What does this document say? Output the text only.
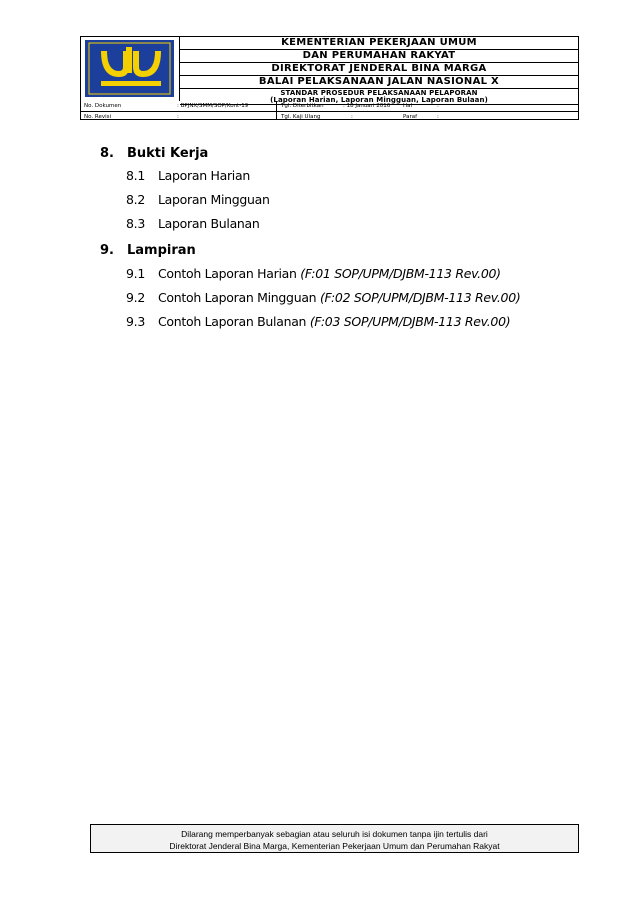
KEMENTERIAN PEKERJAAN UMUM
DAN PERUMAHAN RAKYAT
DIREKTORAT JENDERAL BINA MARGA
BALAI PELAKSANAAN JALAN NASIONAL X
STANDAR PROSEDUR PELAKSANAAN PELAPORAN
(Laporan Harian, Laporan Mingguan, Laporan Bulaan)
No. Dokumen	: BPJNX/SMM/SOP/Kont-19	Tgl. Diterbitkan	: 18 Januari 2016 Hal	:
No. Revisi	:	Tgl. Kaji Ulang	:	Paraf	:
8. Bukti Kerja
8.1 Laporan Harian
8.2 Laporan Mingguan
8.3 Laporan Bulanan
9. Lampiran
9.1 Contoh Laporan Harian (F:01 SOP/UPM/DJBM-113 Rev.00)
9.2 Contoh Laporan Mingguan (F:02 SOP/UPM/DJBM-113 Rev.00)
9.3 Contoh Laporan Bulanan (F:03 SOP/UPM/DJBM-113 Rev.00)
Dilarang memperbanyak sebagian atau seluruh isi dokumen tanpa ijin tertulis dari
Direktorat Jenderal Bina Marga, Kementerian Pekerjaan Umum dan Perumahan Rakyat
